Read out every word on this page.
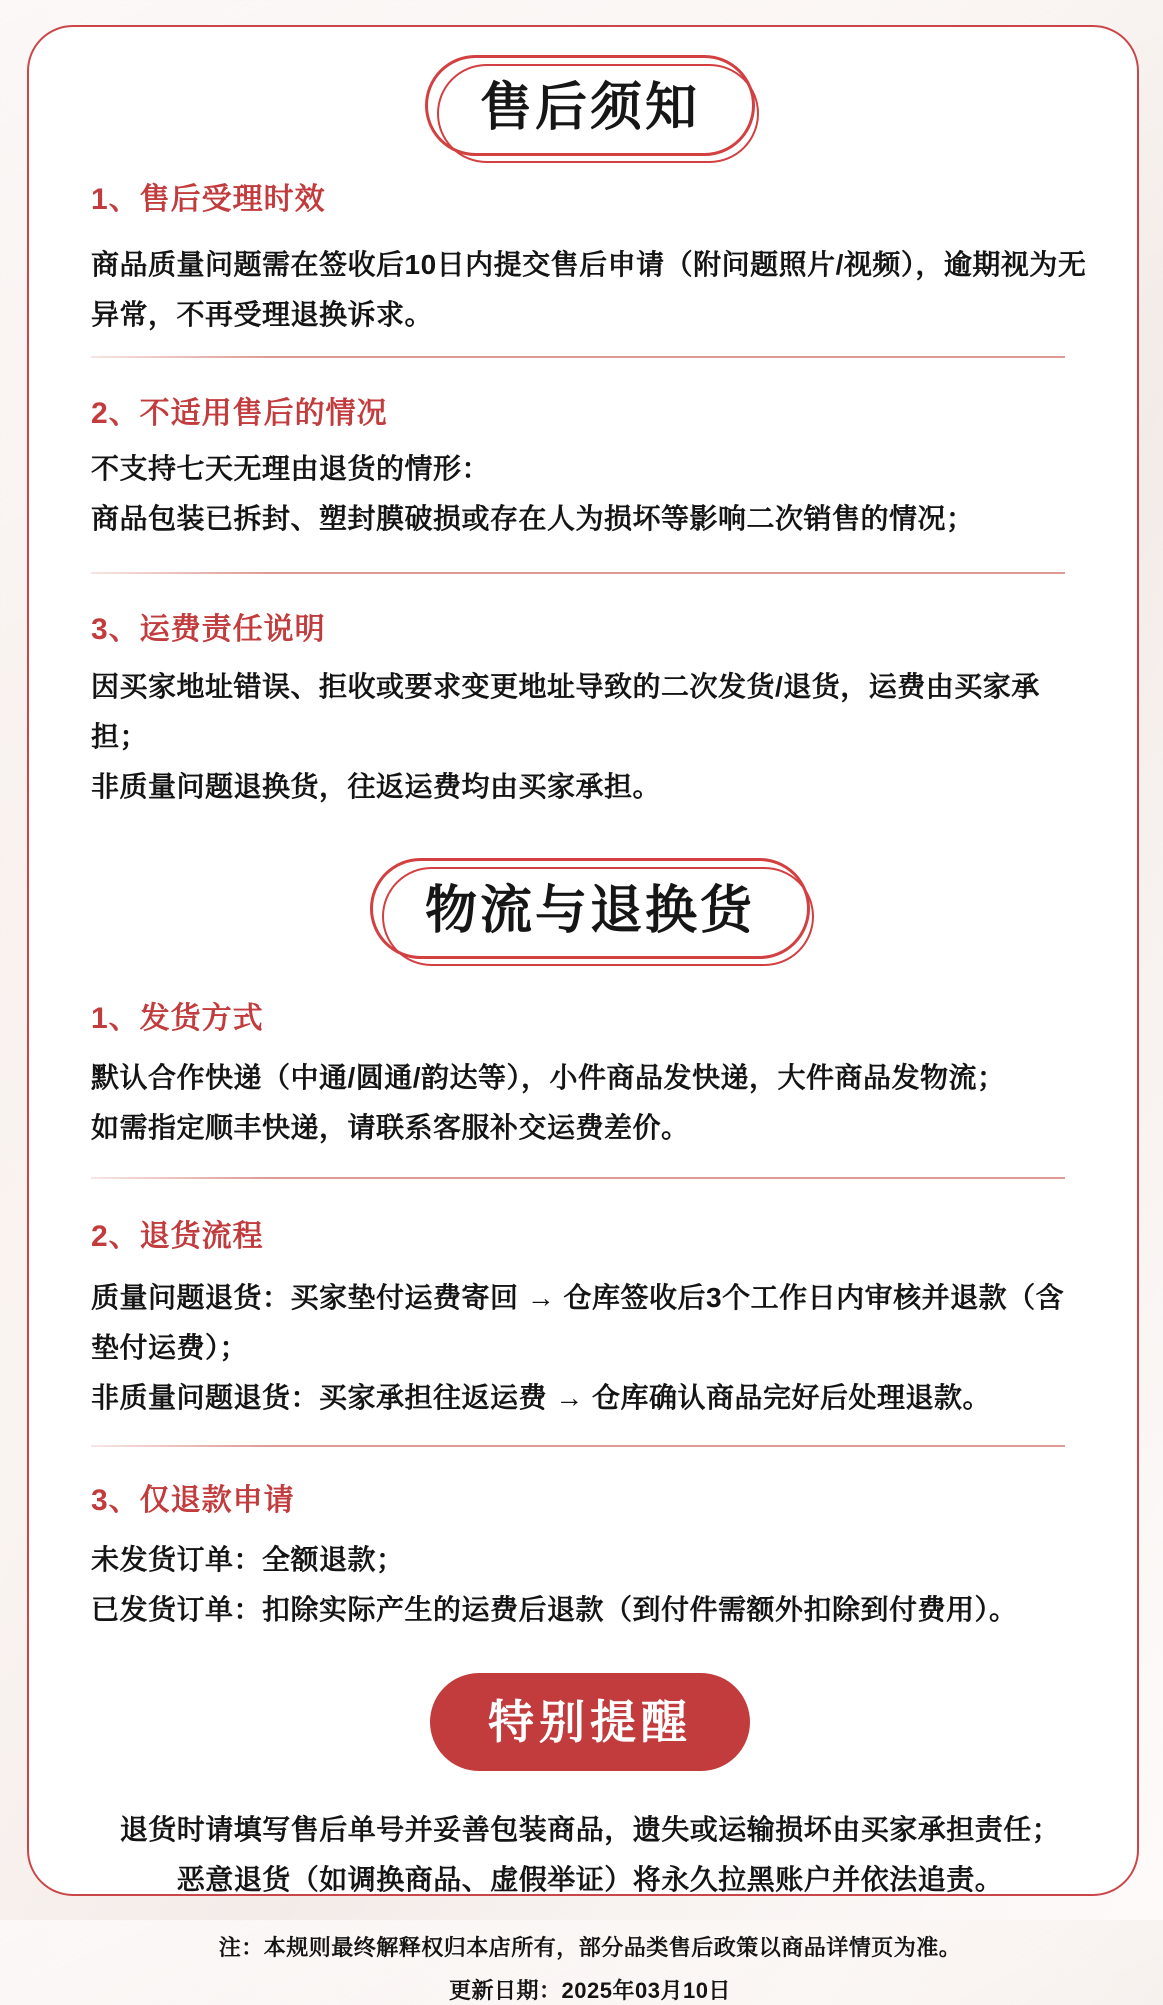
售后须知
1、售后受理时效

商品质量问题需在签收后10日内提交售后申请（附问题照片/视频），逾期视为无异常，不再受理退换诉求。

2、不适用售后的情况

不支持七天无理由退货的情形：

商品包装已拆封、塑封膜破损或存在人为损坏等影响二次销售的情况；

3、运费责任说明

因买家地址错误、拒收或要求变更地址导致的二次发货/退货，运费由买家承担；

非质量问题退换货，往返运费均由买家承担。

物流与退换货
1、发货方式

默认合作快递（中通/圆通/韵达等），小件商品发快递，大件商品发物流；

如需指定顺丰快递，请联系客服补交运费差价。

2、退货流程

质量问题退货：买家垫付运费寄回 → 仓库签收后3个工作日内审核并退款（含垫付运费）；

非质量问题退货：买家承担往返运费 → 仓库确认商品完好后处理退款。

3、仅退款申请

未发货订单：全额退款；

已发货订单：扣除实际产生的运费后退款（到付件需额外扣除到付费用）。

特别提醒

退货时请填写售后单号并妥善包装商品，遗失或运输损坏由买家承担责任；

恶意退货（如调换商品、虚假举证）将永久拉黑账户并依法追责。

注：本规则最终解释权归本店所有，部分品类售后政策以商品详情页为准。

更新日期：2025年03月10日
